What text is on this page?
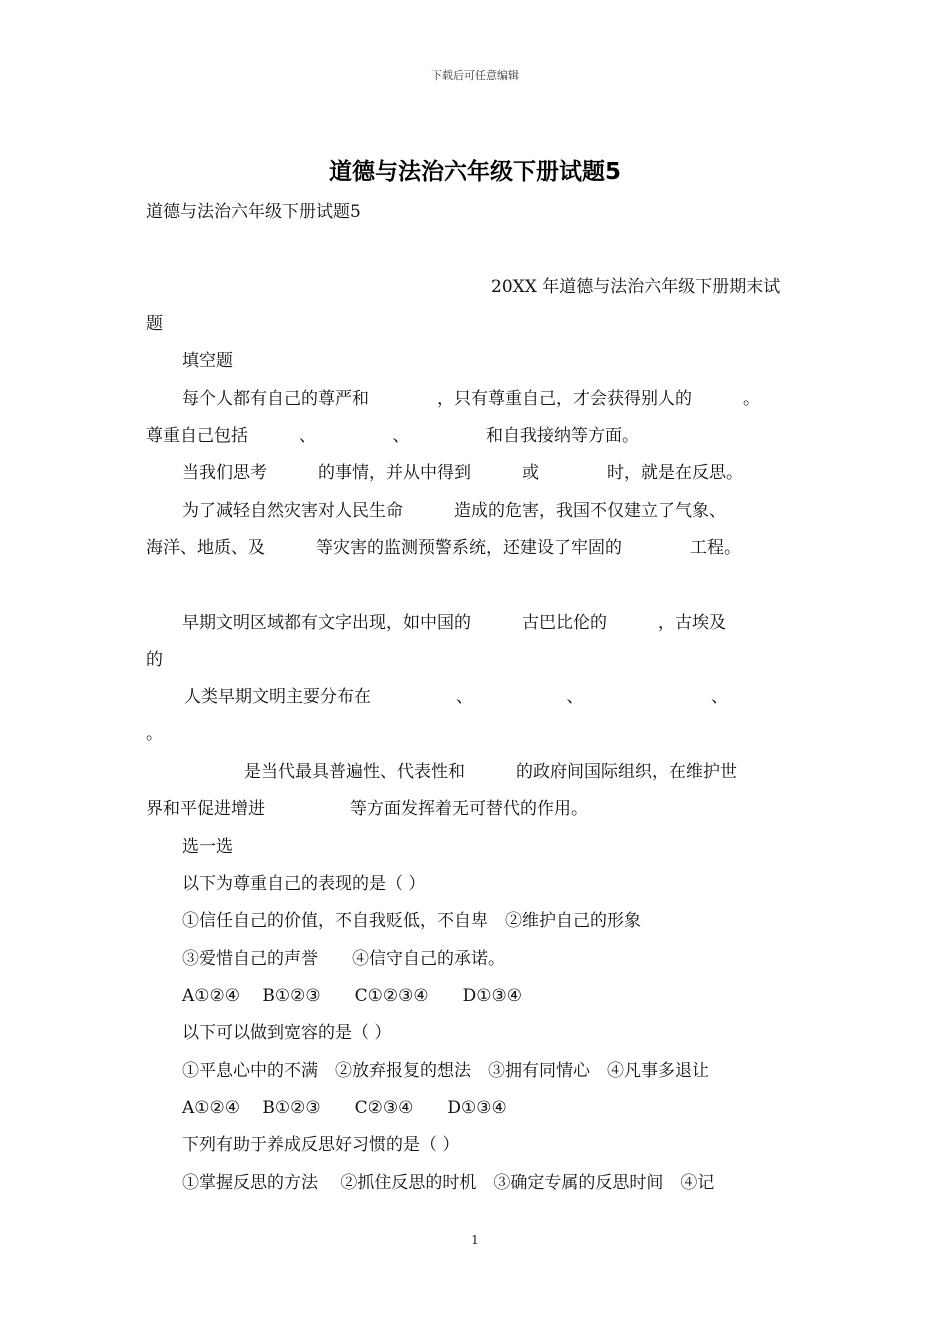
下载后可任意编辑
道德与法治六年级下册试题5
道德与法治六年级下册试题5
20XX 年道德与法治六年级下册期末试
题
填空题
每个人都有自己的尊严和　　　　，只有尊重自己，才会获得别人的　　　。
尊重自己包括　　　、　　　　　、　　　　　和自我接纳等方面。
当我们思考　　　的事情，并从中得到　　　或　　　　时，就是在反思。
为了减轻自然灾害对人民生命　　　造成的危害，我国不仅建立了气象、
海洋、地质、及　　　等灾害的监测预警系统，还建设了牢固的　　　　工程。
早期文明区域都有文字出现，如中国的　　　古巴比伦的　　　，古埃及
的
人类早期文明主要分布在　　　　　、　　　　　　、　　　　　　　　、
。
是当代最具普遍性、代表性和　　　的政府间国际组织，在维护世
界和平促进增进　　　　　等方面发挥着无可替代的作用。
选一选
以下为尊重自己的表现的是（ ）
①信任自己的价值，不自我贬低，不自卑　②维护自己的形象
③爱惜自己的声誉　　④信守自己的承诺。
A①②④　 B①②③　　C①②③④　　D①③④
以下可以做到宽容的是（ ）
①平息心中的不满　②放弃报复的想法　③拥有同情心　④凡事多退让
A①②④　 B①②③　　C②③④　　D①③④
下列有助于养成反思好习惯的是（ ）
①掌握反思的方法　 ②抓住反思的时机　③确定专属的反思时间　④记
1
